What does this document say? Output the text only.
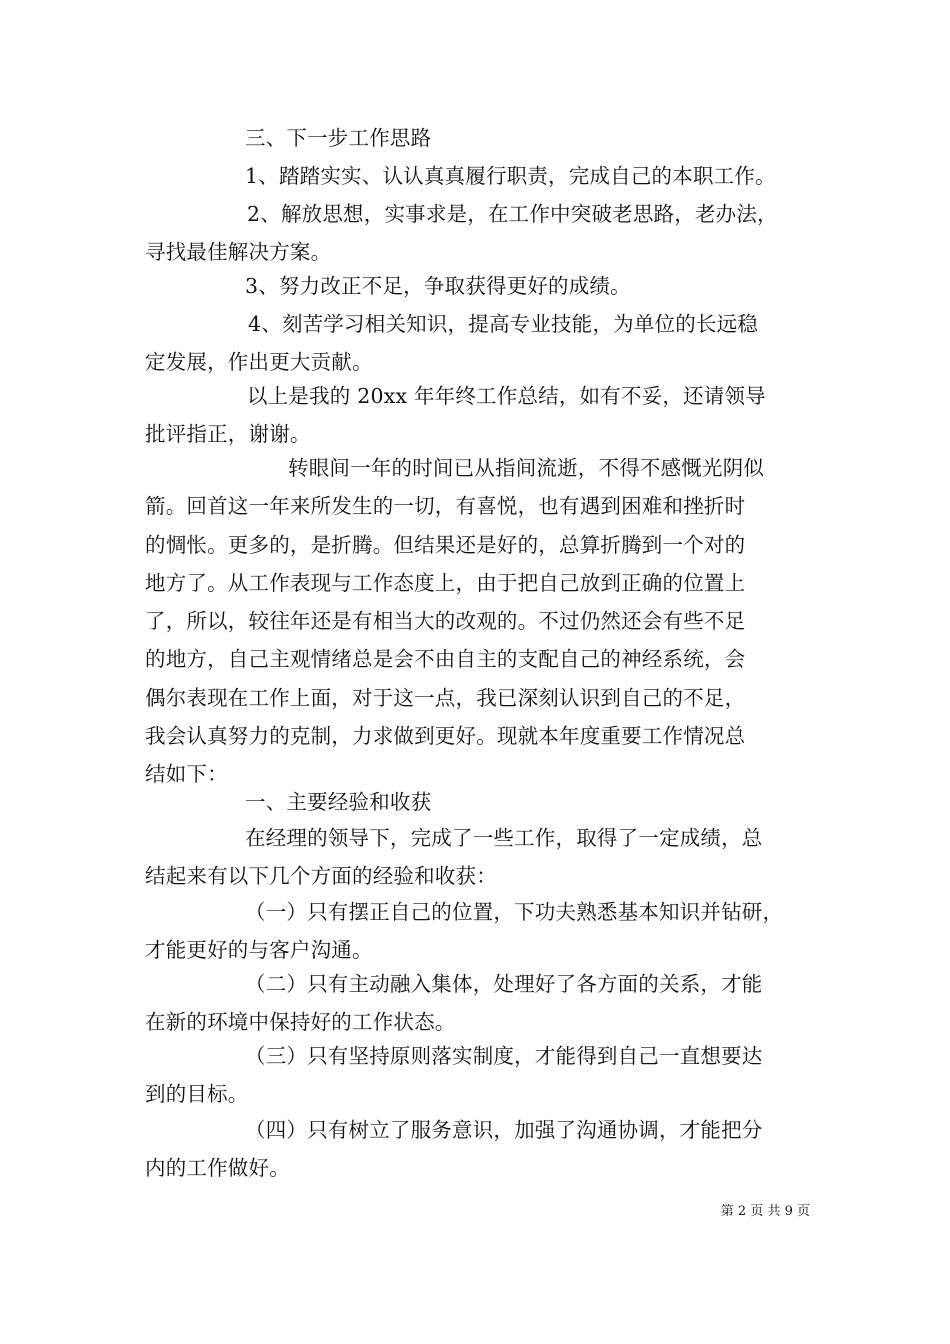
三、下一步工作思路
1、踏踏实实、认认真真履行职责，完成自己的本职工作。
2、解放思想，实事求是，在工作中突破老思路，老办法，
寻找最佳解决方案。
3、努力改正不足，争取获得更好的成绩。
4、刻苦学习相关知识，提高专业技能，为单位的长远稳
定发展，作出更大贡献。
以上是我的 20xx 年年终工作总结，如有不妥，还请领导
批评指正，谢谢。
转眼间一年的时间已从指间流逝，不得不感慨光阴似
箭。回首这一年来所发生的一切，有喜悦，也有遇到困难和挫折时
的惆怅。更多的，是折腾。但结果还是好的，总算折腾到一个对的
地方了。从工作表现与工作态度上，由于把自己放到正确的位置上
了，所以，较往年还是有相当大的改观的。不过仍然还会有些不足
的地方，自己主观情绪总是会不由自主的支配自己的神经系统，会
偶尔表现在工作上面，对于这一点，我已深刻认识到自己的不足，
我会认真努力的克制，力求做到更好。现就本年度重要工作情况总
结如下：
一、主要经验和收获
在经理的领导下，完成了一些工作，取得了一定成绩，总
结起来有以下几个方面的经验和收获：
（一）只有摆正自己的位置，下功夫熟悉基本知识并钻研，
才能更好的与客户沟通。
（二）只有主动融入集体，处理好了各方面的关系，才能
在新的环境中保持好的工作状态。
（三）只有坚持原则落实制度，才能得到自己一直想要达
到的目标。
（四）只有树立了服务意识，加强了沟通协调，才能把分
内的工作做好。
第 2 页 共 9 页
